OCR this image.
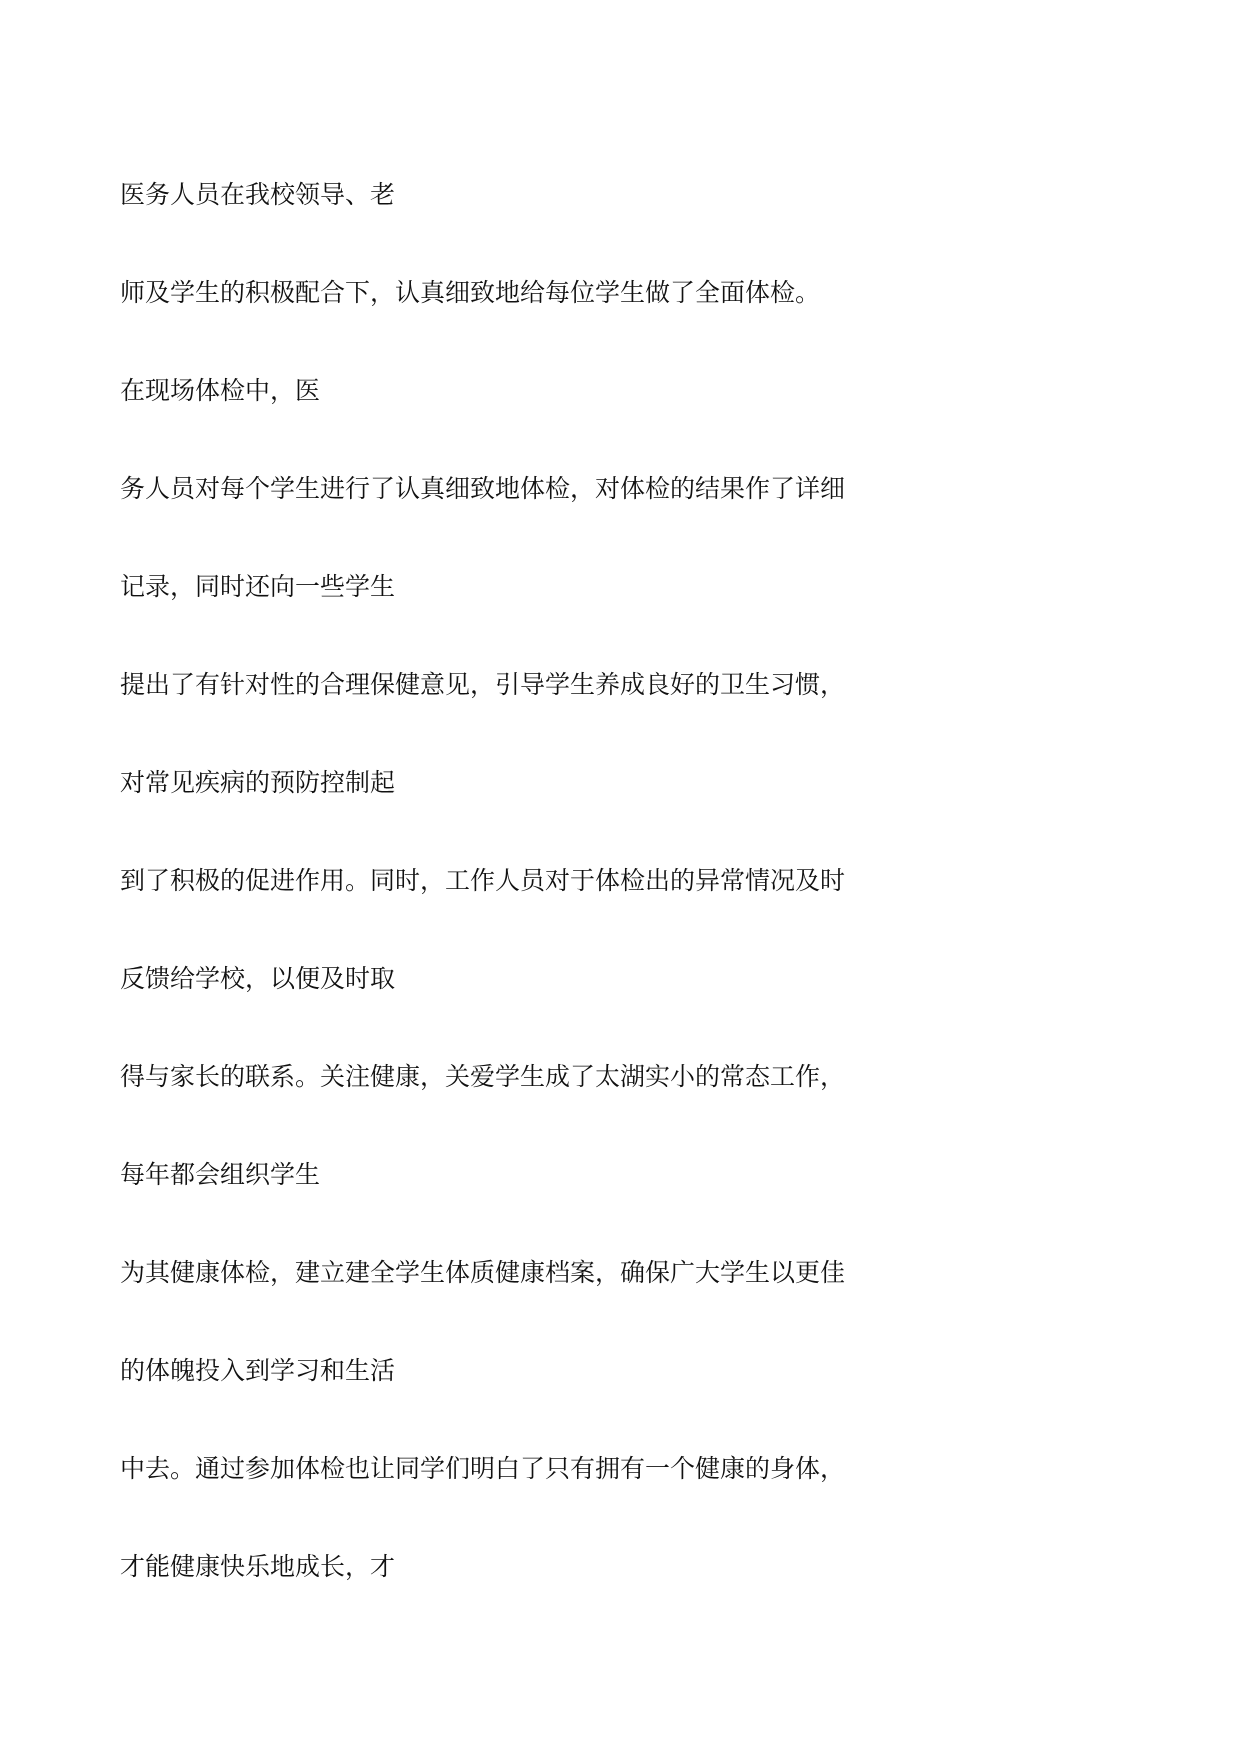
医务人员在我校领导、老

师及学生的积极配合下，认真细致地给每位学生做了全面体检。

在现场体检中，医

务人员对每个学生进行了认真细致地体检，对体检的结果作了详细

记录，同时还向一些学生

提出了有针对性的合理保健意见，引导学生养成良好的卫生习惯，

对常见疾病的预防控制起

到了积极的促进作用。同时，工作人员对于体检出的异常情况及时

反馈给学校，以便及时取

得与家长的联系。关注健康，关爱学生成了太湖实小的常态工作，

每年都会组织学生

为其健康体检，建立建全学生体质健康档案，确保广大学生以更佳

的体魄投入到学习和生活

中去。通过参加体检也让同学们明白了只有拥有一个健康的身体，

才能健康快乐地成长，才
